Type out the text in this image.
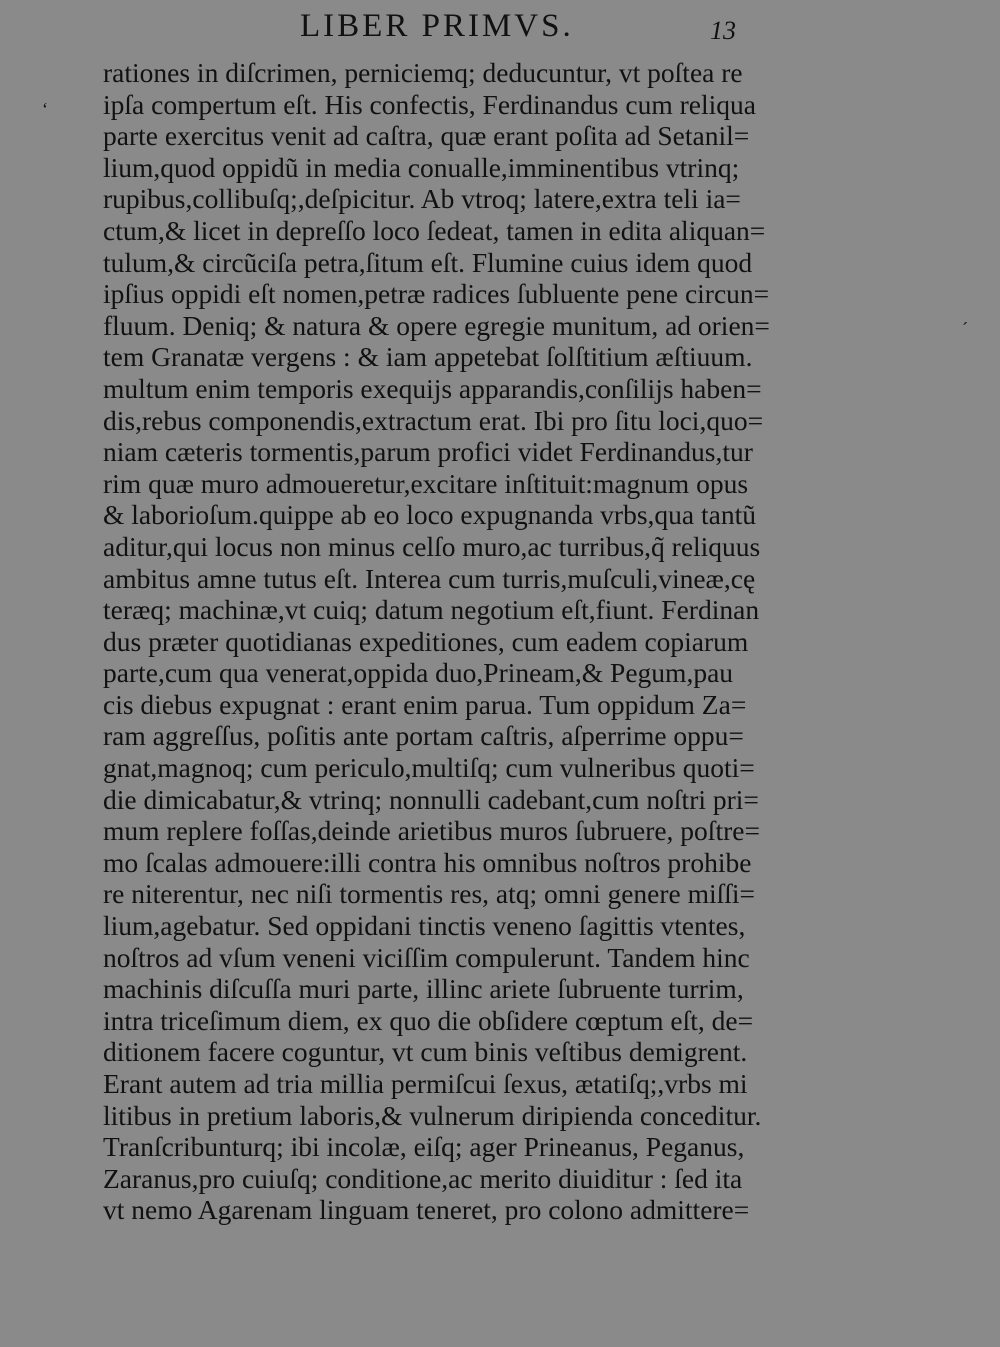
LIBER PRIMVS.	13
ʻ
ˊ
rationes in diſcrimen, perniciemq; deducuntur, vt poſtea re
ipſa compertum eſt. His confectis, Ferdinandus cum reliqua
parte exercitus venit ad caſtra, quæ erant poſita ad Setanil=
lium,quod oppidũ in media conualle,imminentibus vtrinq;
rupibus,collibuſq;,deſpicitur. Ab vtroq; latere,extra teli ia=
ctum,& licet in depreſſo loco ſedeat, tamen in edita aliquan=
tulum,& circũciſa petra,ſitum eſt. Flumine cuius idem quod
ipſius oppidi eſt nomen,petræ radices ſubluente pene circun=
fluum. Deniq; & natura & opere egregie munitum, ad orien=
tem Granatæ vergens : & iam appetebat ſolſtitium æſtiuum.
multum enim temporis exequijs apparandis,conſilijs haben=
dis,rebus componendis,extractum erat. Ibi pro ſitu loci,quo=
niam cæteris tormentis,parum profici videt Ferdinandus,tur
rim quæ muro admoueretur,excitare inſtituit:magnum opus
& laborioſum.quippe ab eo loco expugnanda vrbs,qua tantũ
aditur,qui locus non minus celſo muro,ac turribus,q̃ reliquus
ambitus amne tutus eſt. Interea cum turris,muſculi,vineæ,cę
teræq; machinæ,vt cuiq; datum negotium eſt,fiunt. Ferdinan
dus præter quotidianas expeditiones, cum eadem copiarum
parte,cum qua venerat,oppida duo,Prineam,& Pegum,pau
cis diebus expugnat : erant enim parua. Tum oppidum Za=
ram aggreſſus, poſitis ante portam caſtris, aſperrime oppu=
gnat,magnoq; cum periculo,multiſq; cum vulneribus quoti=
die dimicabatur,& vtrinq; nonnulli cadebant,cum noſtri pri=
mum replere foſſas,deinde arietibus muros ſubruere, poſtre=
mo ſcalas admouere:illi contra his omnibus noſtros prohibe
re niterentur, nec niſi tormentis res, atq; omni genere miſſi=
lium,agebatur. Sed oppidani tinctis veneno ſagittis vtentes,
noſtros ad vſum veneni viciſſim compulerunt. Tandem hinc
machinis diſcuſſa muri parte, illinc ariete ſubruente turrim,
intra triceſimum diem, ex quo die obſidere cœptum eſt, de=
ditionem facere coguntur, vt cum binis veſtibus demigrent.
Erant autem ad tria millia permiſcui ſexus, ætatiſq;,vrbs mi
litibus in pretium laboris,& vulnerum diripienda conceditur.
Tranſcribunturq; ibi incolæ, eiſq; ager Prineanus, Peganus,
Zaranus,pro cuiuſq; conditione,ac merito diuiditur : ſed ita
vt nemo Agarenam linguam teneret, pro colono admittere=
